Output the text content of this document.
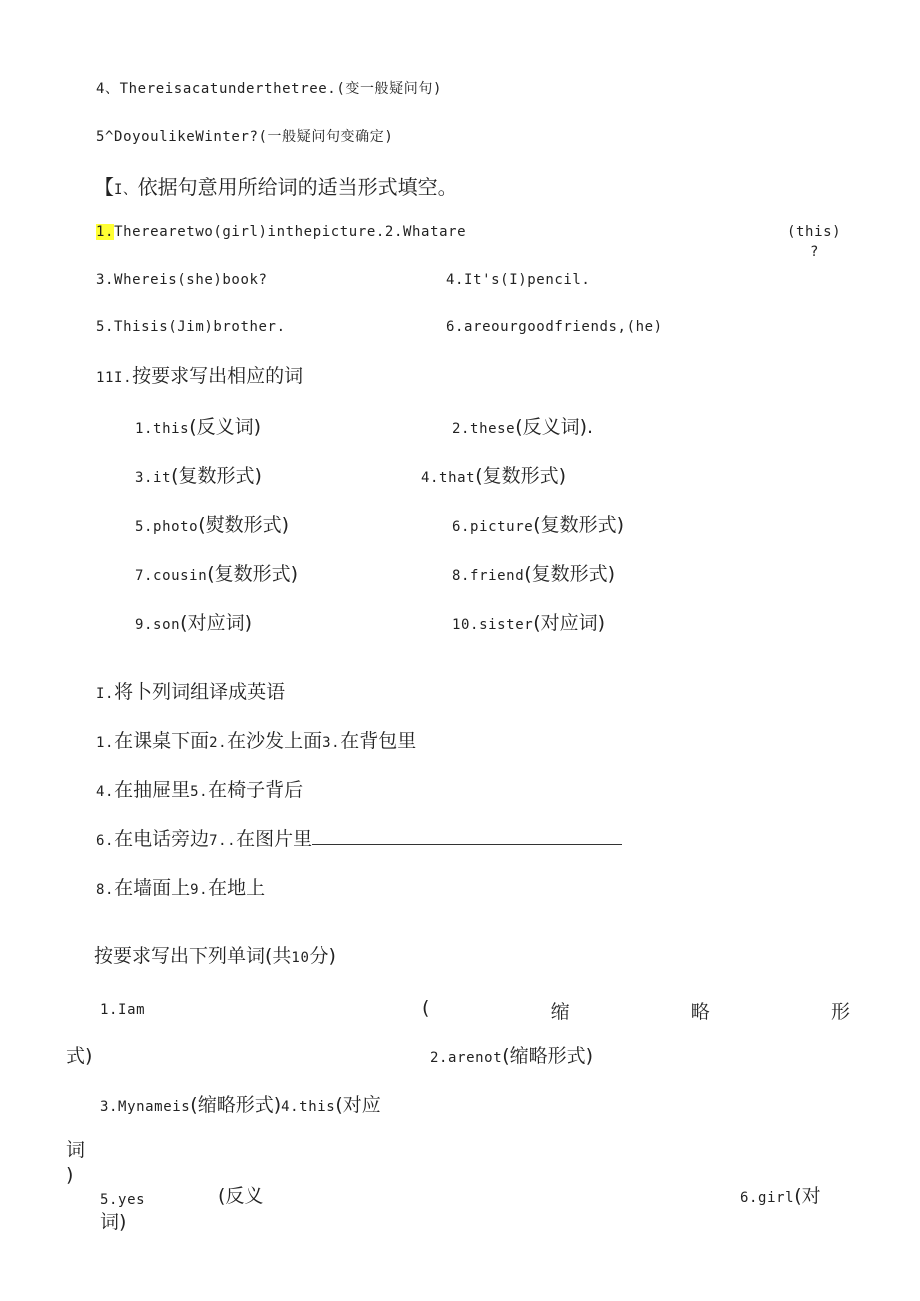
4、Thereisacatunderthetree.(变一般疑问句)
5^DoyoulikeWinter?(一般疑问句变确定)
【I、依据句意用所给词的适当形式填空。
1.Therearetwo(girl)inthepicture.2.Whatare	(this)
?
3.Whereis(she)book?	4.It's(I)pencil.
5.Thisis(Jim)brother.	6.areourgoodfriends,(he)
11I.按要求写出相应的词
1.this(反义词)	2.these(反义词).
3.it(复数形式)	4.that(复数形式)
5.photo(熨数形式)	6.picture(复数形式)
7.cousin(复数形式)	8.friend(复数形式)
9.son(对应词)	10.sister(对应词)
I.将卜列词组译成英语
1.在课桌下面2.在沙发上面3.在背包里
4.在抽屉里5.在椅子背后
6.在电话旁边7..在图片里
8.在墙面上9.在地上
按要求写出下列单词(共10分)
1.Iam	(	缩	略	形
式)	2.arenot(缩略形式)
3.Mynameis(缩略形式)4.this(对应
词
)
5.yes	(反义	6.girl(对
词)
